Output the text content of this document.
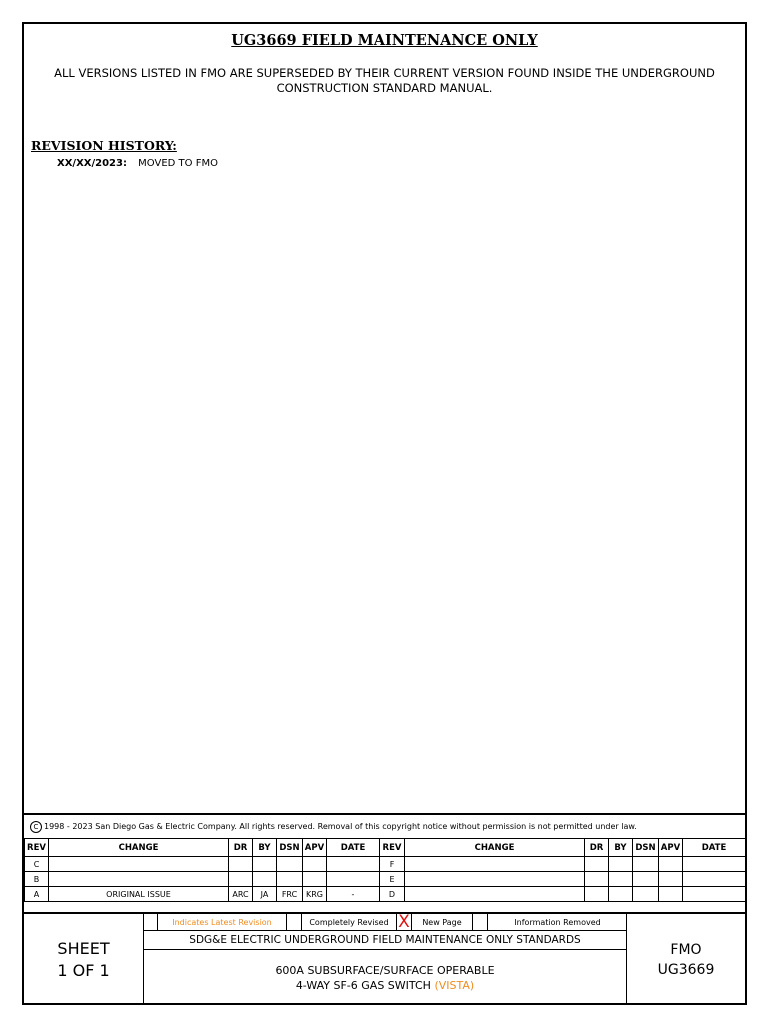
UG3669 FIELD MAINTENANCE ONLY
ALL VERSIONS LISTED IN FMO ARE SUPERSEDED BY THEIR CURRENT VERSION FOUND INSIDE THE UNDERGROUND CONSTRUCTION STANDARD MANUAL.
REVISION HISTORY:
XX/XX/2023: MOVED TO FMO
C 1998 - 2023 San Diego Gas & Electric Company. All rights reserved. Removal of this copyright notice without permission is not permitted under law.
REV	CHANGE	DR	BY	DSN	APV	DATE	REV	CHANGE	DR	BY	DSN	APV	DATE
C							F						
B							E						
A	ORIGINAL ISSUE	ARC	JA	FRC	KRG	-	D						
SHEET
1 OF 1
Indicates Latest Revision	Completely Revised X	New Page	Information Removed
SDG&E ELECTRIC UNDERGROUND FIELD MAINTENANCE ONLY STANDARDS
600A SUBSURFACE/SURFACE OPERABLE
4-WAY SF-6 GAS SWITCH (VISTA)
FMO
UG3669
